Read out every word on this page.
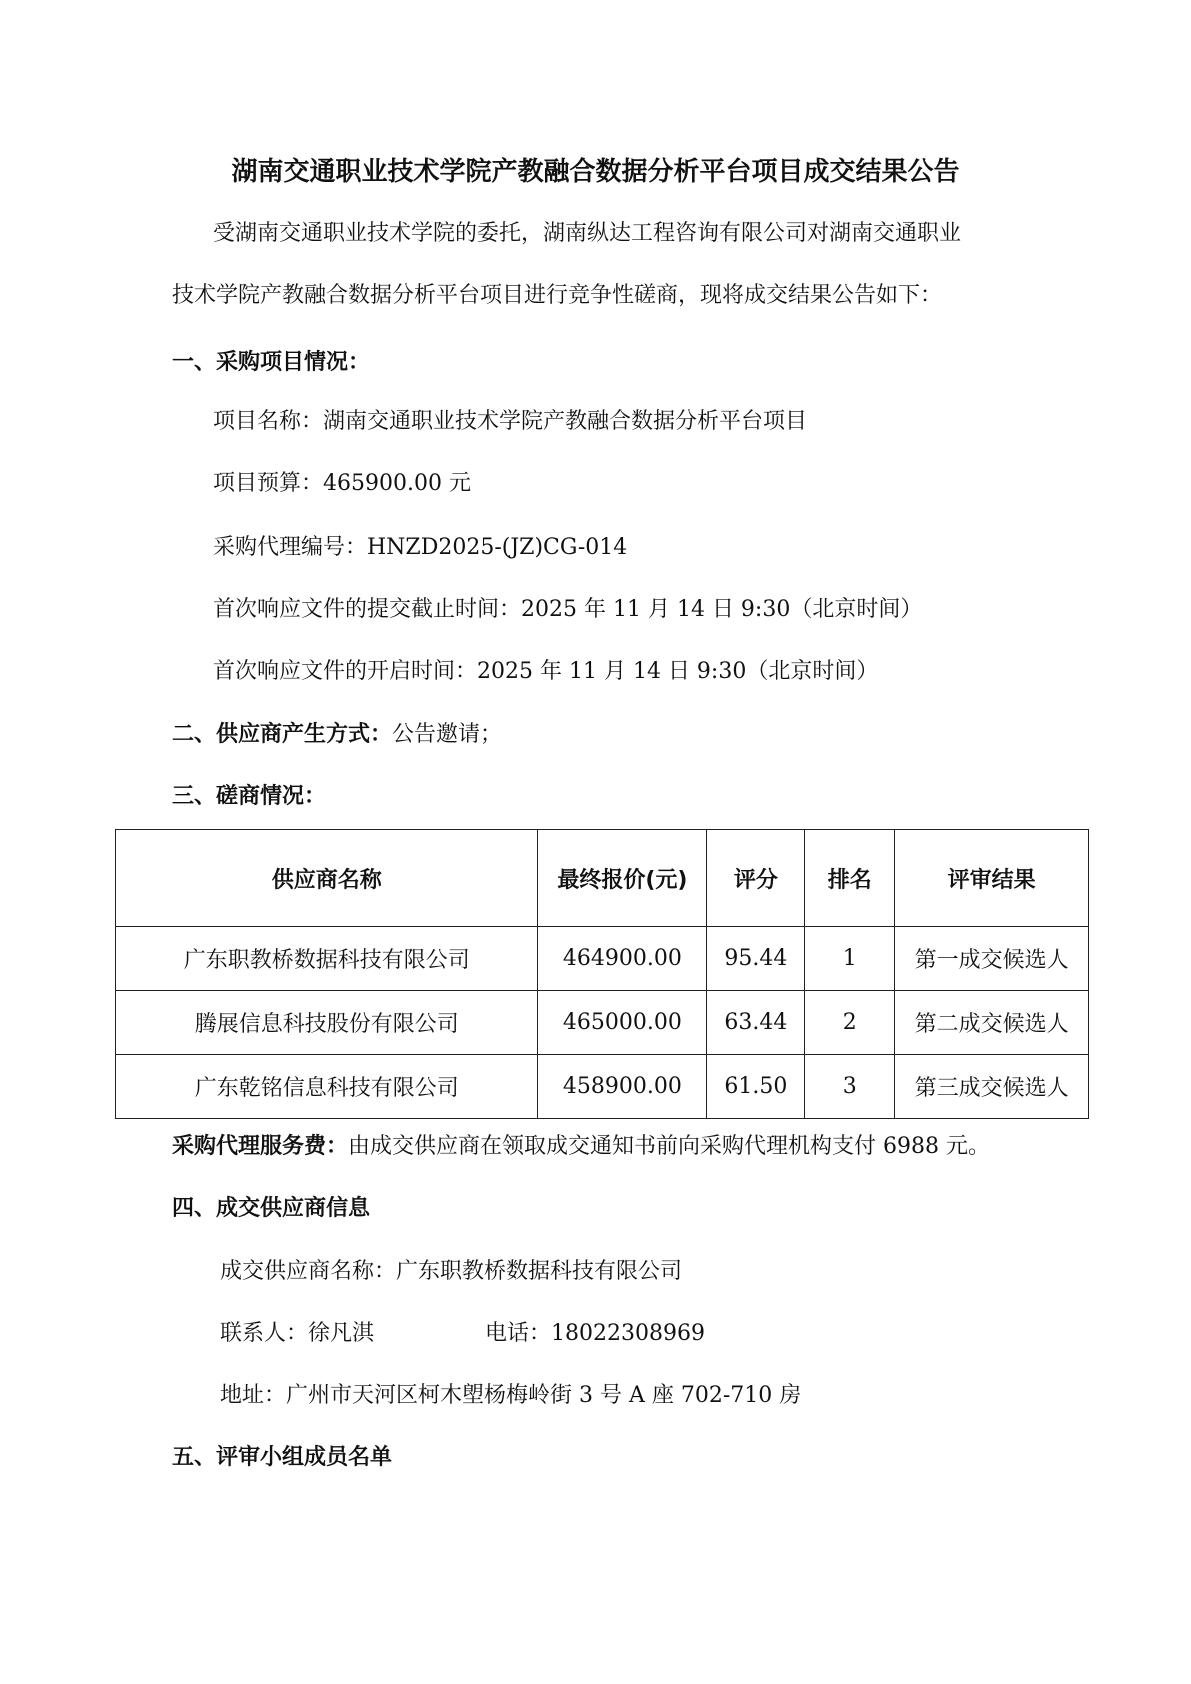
湖南交通职业技术学院产教融合数据分析平台项目成交结果公告
受湖南交通职业技术学院的委托，湖南纵达工程咨询有限公司对湖南交通职业
技术学院产教融合数据分析平台项目进行竞争性磋商，现将成交结果公告如下：
一、采购项目情况：
项目名称：湖南交通职业技术学院产教融合数据分析平台项目
项目预算：465900.00 元
采购代理编号：HNZD2025-(JZ)CG-014
首次响应文件的提交截止时间：2025 年 11 月 14 日 9:30（北京时间）
首次响应文件的开启时间：2025 年 11 月 14 日 9:30（北京时间）
二、供应商产生方式：公告邀请；
三、磋商情况：
供应商名称	最终报价(元)	评分	排名	评审结果
广东职教桥数据科技有限公司	464900.00	95.44	1	第一成交候选人
腾展信息科技股份有限公司	465000.00	63.44	2	第二成交候选人
广东乾铭信息科技有限公司	458900.00	61.50	3	第三成交候选人
采购代理服务费：由成交供应商在领取成交通知书前向采购代理机构支付 6988 元。
四、成交供应商信息
成交供应商名称：广东职教桥数据科技有限公司
联系人：徐凡淇	电话：18022308969
地址：广州市天河区柯木塱杨梅岭街 3 号 A 座 702-710 房
五、评审小组成员名单
